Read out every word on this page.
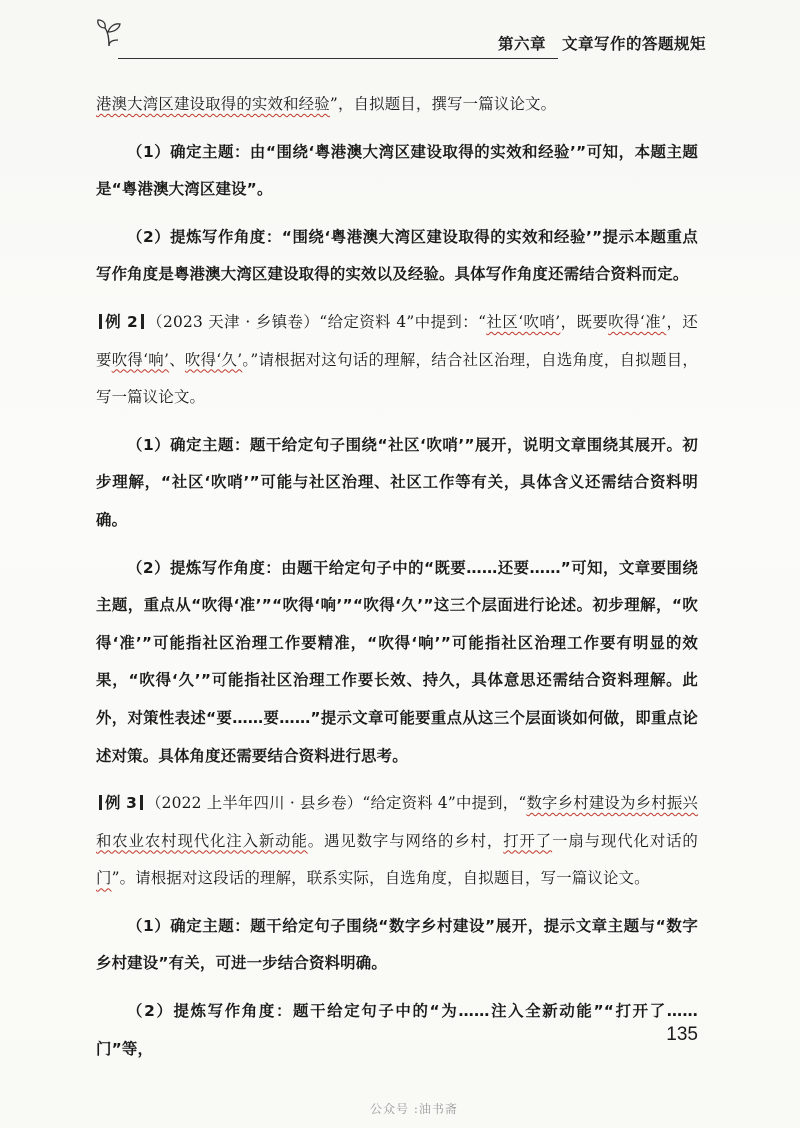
第六章 文章写作的答题规矩

港澳大湾区建设取得的实效和经验”，自拟题目，撰写一篇议论文。

（1）确定主题：由“围绕‘粤港澳大湾区建设取得的实效和经验’”可知，本题主题是“粤港澳大湾区建设”。

（2）提炼写作角度：“围绕‘粤港澳大湾区建设取得的实效和经验’”提示本题重点写作角度是粤港澳大湾区建设取得的实效以及经验。具体写作角度还需结合资料而定。

例 2 （2023 天津 · 乡镇卷）“给定资料 4”中提到：“社区‘吹哨’，既要吹得‘准’，还要吹得‘响’、吹得‘久’。”请根据对这句话的理解，结合社区治理，自选角度，自拟题目，写一篇议论文。

（1）确定主题：题干给定句子围绕“社区‘吹哨’”展开，说明文章围绕其展开。初步理解，“社区‘吹哨’”可能与社区治理、社区工作等有关，具体含义还需结合资料明确。

（2）提炼写作角度：由题干给定句子中的“既要……还要……”可知，文章要围绕主题，重点从“吹得‘准’”“吹得‘响’”“吹得‘久’”这三个层面进行论述。初步理解，“吹得‘准’”可能指社区治理工作要精准，“吹得‘响’”可能指社区治理工作要有明显的效果，“吹得‘久’”可能指社区治理工作要长效、持久，具体意思还需结合资料理解。此外，对策性表述“要……要……”提示文章可能要重点从这三个层面谈如何做，即重点论述对策。具体角度还需要结合资料进行思考。

例 3 （2022 上半年四川 · 县乡卷）“给定资料 4”中提到，“数字乡村建设为乡村振兴和农业农村现代化注入新动能。遇见数字与网络的乡村，打开了一扇与现代化对话的门”。请根据对这段话的理解，联系实际，自选角度，自拟题目，写一篇议论文。

（1）确定主题：题干给定句子围绕“数字乡村建设”展开，提示文章主题与“数字乡村建设”有关，可进一步结合资料明确。

（2）提炼写作角度：题干给定句子中的“为……注入全新动能”“打开了……门”等，

135
公众号 :油书斋
